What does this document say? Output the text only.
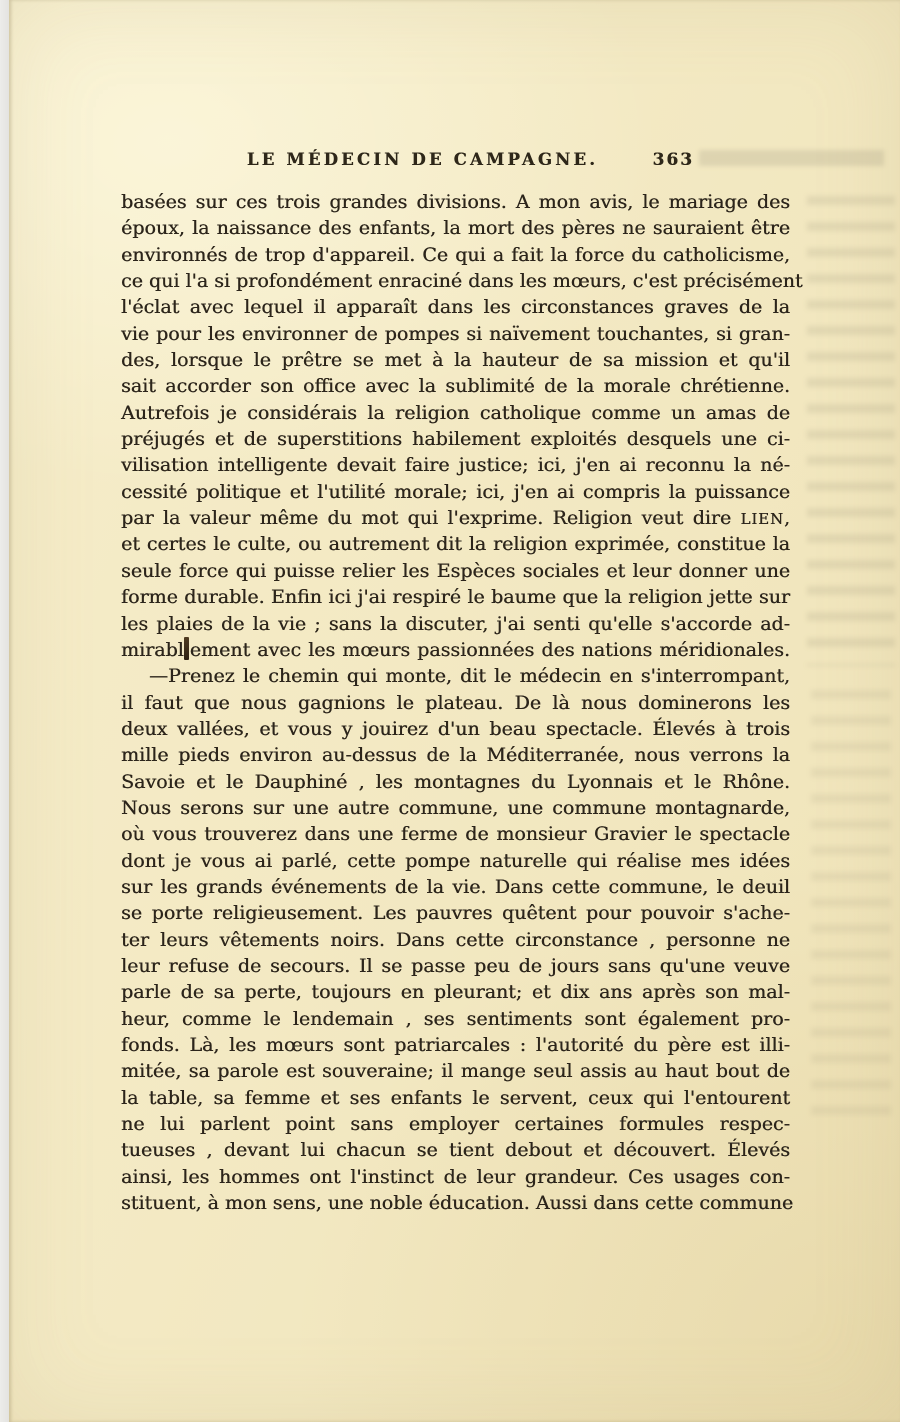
LE MÉDECIN DE CAMPAGNE.	363
basées sur ces trois grandes divisions. A mon avis, le mariage des
époux, la naissance des enfants, la mort des pères ne sauraient être
environnés de trop d'appareil. Ce qui a fait la force du catholicisme,
ce qui l'a si profondément enraciné dans les mœurs, c'est précisément
l'éclat avec lequel il apparaît dans les circonstances graves de la
vie pour les environner de pompes si naïvement touchantes, si gran-
des, lorsque le prêtre se met à la hauteur de sa mission et qu'il
sait accorder son office avec la sublimité de la morale chrétienne.
Autrefois je considérais la religion catholique comme un amas de
préjugés et de superstitions habilement exploités desquels une ci-
vilisation intelligente devait faire justice; ici, j'en ai reconnu la né-
cessité politique et l'utilité morale; ici, j'en ai compris la puissance
par la valeur même du mot qui l'exprime. Religion veut dire LIEN,
et certes le culte, ou autrement dit la religion exprimée, constitue la
seule force qui puisse relier les Espèces sociales et leur donner une
forme durable. Enfin ici j'ai respiré le baume que la religion jette sur
les plaies de la vie ; sans la discuter, j'ai senti qu'elle s'accorde ad-
mirabl ement avec les mœurs passionnées des nations méridionales.
—Prenez le chemin qui monte, dit le médecin en s'interrompant,
il faut que nous gagnions le plateau. De là nous dominerons les
deux vallées, et vous y jouirez d'un beau spectacle. Élevés à trois
mille pieds environ au-dessus de la Méditerranée, nous verrons la
Savoie et le Dauphiné , les montagnes du Lyonnais et le Rhône.
Nous serons sur une autre commune, une commune montagnarde,
où vous trouverez dans une ferme de monsieur Gravier le spectacle
dont je vous ai parlé, cette pompe naturelle qui réalise mes idées
sur les grands événements de la vie. Dans cette commune, le deuil
se porte religieusement. Les pauvres quêtent pour pouvoir s'ache-
ter leurs vêtements noirs. Dans cette circonstance , personne ne
leur refuse de secours. Il se passe peu de jours sans qu'une veuve
parle de sa perte, toujours en pleurant; et dix ans après son mal-
heur, comme le lendemain , ses sentiments sont également pro-
fonds. Là, les mœurs sont patriarcales : l'autorité du père est illi-
mitée, sa parole est souveraine; il mange seul assis au haut bout de
la table, sa femme et ses enfants le servent, ceux qui l'entourent
ne lui parlent point sans employer certaines formules respec-
tueuses , devant lui chacun se tient debout et découvert. Élevés
ainsi, les hommes ont l'instinct de leur grandeur. Ces usages con-
stituent, à mon sens, une noble éducation. Aussi dans cette commune
